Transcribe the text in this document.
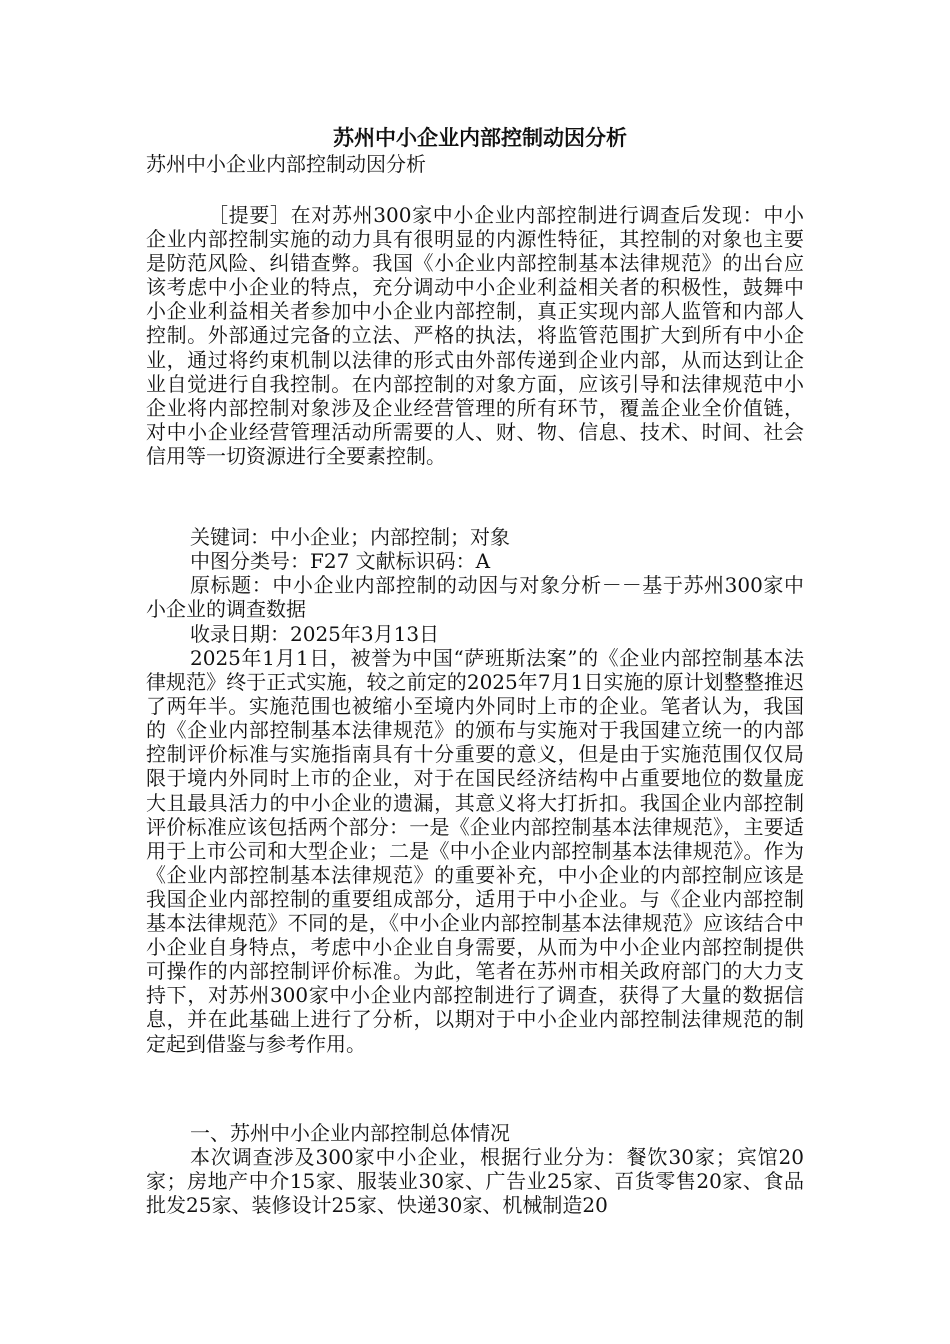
苏州中小企业内部控制动因分析

苏州中小企业内部控制动因分析

［提要］在对苏州300家中小企业内部控制进行调查后发现：中小企业内部控制实施的动力具有很明显的内源性特征，其控制的对象也主要是防范风险、纠错查弊。我国《小企业内部控制基本法律规范》的出台应该考虑中小企业的特点，充分调动中小企业利益相关者的积极性，鼓舞中小企业利益相关者参加中小企业内部控制，真正实现内部人监管和内部人控制。外部通过完备的立法、严格的执法，将监管范围扩大到所有中小企业，通过将约束机制以法律的形式由外部传递到企业内部，从而达到让企业自觉进行自我控制。在内部控制的对象方面，应该引导和法律规范中小企业将内部控制对象涉及企业经营管理的所有环节，覆盖企业全价值链，对中小企业经营管理活动所需要的人、财、物、信息、技术、时间、社会信用等一切资源进行全要素控制。

关键词：中小企业；内部控制；对象

中图分类号：F27 文献标识码：A

原标题：中小企业内部控制的动因与对象分析－－基于苏州300家中小企业的调查数据

收录日期：2025年3月13日

2025年1月1日，被誉为中国“萨班斯法案”的《企业内部控制基本法律规范》终于正式实施，较之前定的2025年7月1日实施的原计划整整推迟了两年半。实施范围也被缩小至境内外同时上市的企业。笔者认为，我国的《企业内部控制基本法律规范》的颁布与实施对于我国建立统一的内部控制评价标准与实施指南具有十分重要的意义，但是由于实施范围仅仅局限于境内外同时上市的企业，对于在国民经济结构中占重要地位的数量庞大且最具活力的中小企业的遗漏，其意义将大打折扣。我国企业内部控制评价标准应该包括两个部分：一是《企业内部控制基本法律规范》，主要适用于上市公司和大型企业；二是《中小企业内部控制基本法律规范》。作为《企业内部控制基本法律规范》的重要补充，中小企业的内部控制应该是我国企业内部控制的重要组成部分，适用于中小企业。与《企业内部控制基本法律规范》不同的是，《中小企业内部控制基本法律规范》应该结合中小企业自身特点，考虑中小企业自身需要，从而为中小企业内部控制提供可操作的内部控制评价标准。为此，笔者在苏州市相关政府部门的大力支持下，对苏州300家中小企业内部控制进行了调查，获得了大量的数据信息，并在此基础上进行了分析，以期对于中小企业内部控制法律规范的制定起到借鉴与参考作用。

一、苏州中小企业内部控制总体情况

本次调查涉及300家中小企业，根据行业分为：餐饮30家；宾馆20家；房地产中介15家、服装业30家、广告业25家、百货零售20家、食品批发25家、装修设计25家、快递30家、机械制造20
